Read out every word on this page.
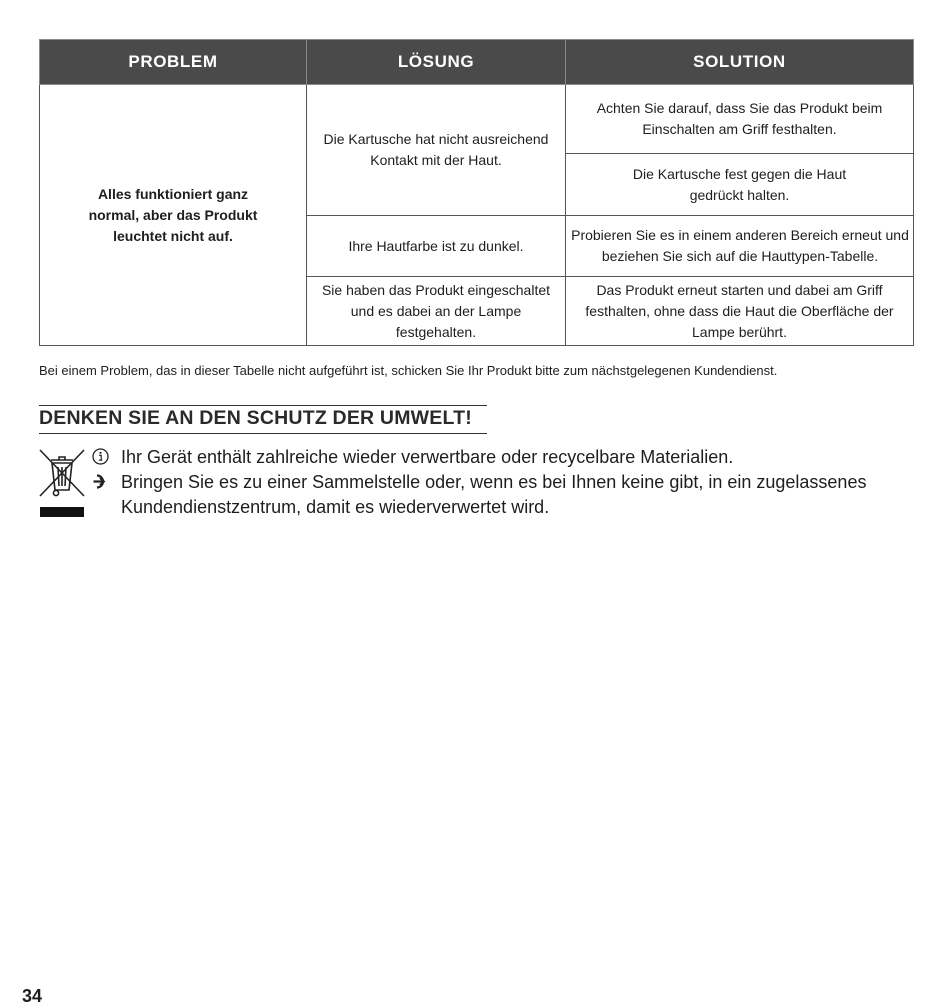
PROBLEM	LÖSUNG	SOLUTION
Alles funktioniert ganz normal, aber das Produkt leuchtet nicht auf.	Die Kartusche hat nicht ausreichend Kontakt mit der Haut.	Achten Sie darauf, dass Sie das Produkt beim Einschalten am Griff festhalten.
		Die Kartusche fest gegen die Haut gedrückt halten.
	Ihre Hautfarbe ist zu dunkel.	Probieren Sie es in einem anderen Bereich erneut und beziehen Sie sich auf die Hauttypen-Tabelle.
	Sie haben das Produkt eingeschaltet und es dabei an der Lampe festgehalten.	Das Produkt erneut starten und dabei am Griff festhalten, ohne dass die Haut die Oberfläche der Lampe berührt.
Bei einem Problem, das in dieser Tabelle nicht aufgeführt ist, schicken Sie Ihr Produkt bitte zum nächstgelegenen Kundendienst.
DENKEN SIE AN DEN SCHUTZ DER UMWELT!
Ihr Gerät enthält zahlreiche wieder verwertbare oder recycelbare Materialien.
Bringen Sie es zu einer Sammelstelle oder, wenn es bei Ihnen keine gibt, in ein zugelassenes Kundendienstzentrum, damit es wiederverwertet wird.
34
